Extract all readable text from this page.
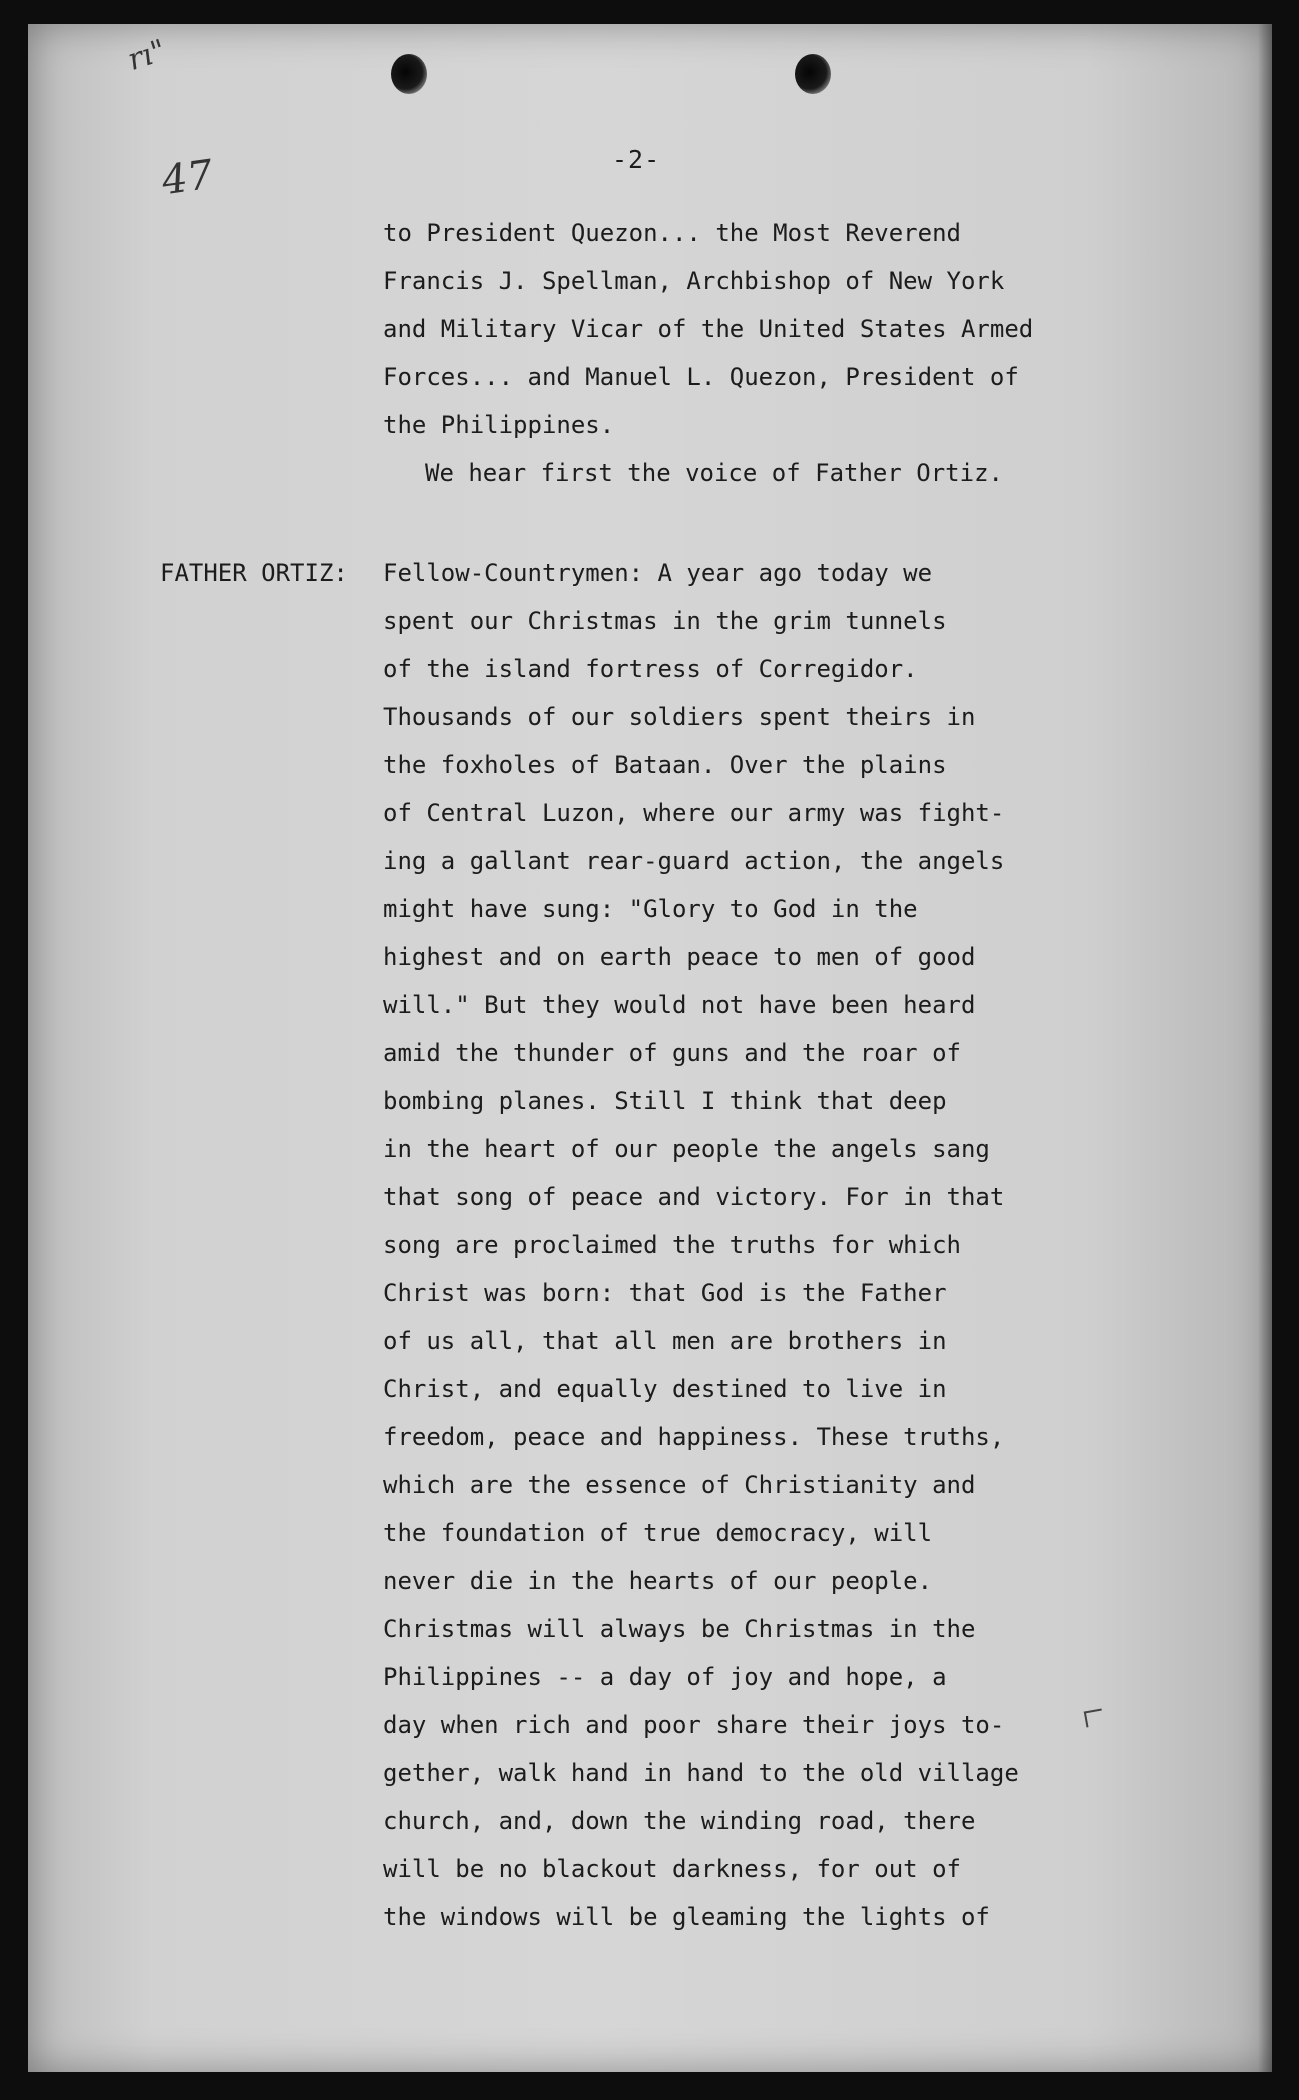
rı"
47	-2-
to President Quezon... the Most Reverend
Francis J. Spellman, Archbishop of New York
and Military Vicar of the United States Armed
Forces... and Manuel L. Quezon, President of
the Philippines.
We hear first the voice of Father Ortiz.
FATHER ORTIZ: Fellow-Countrymen: A year ago today we
spent our Christmas in the grim tunnels
of the island fortress of Corregidor.
Thousands of our soldiers spent theirs in
the foxholes of Bataan. Over the plains
of Central Luzon, where our army was fight-
ing a gallant rear-guard action, the angels
might have sung: "Glory to God in the
highest and on earth peace to men of good
will." But they would not have been heard
amid the thunder of guns and the roar of
bombing planes. Still I think that deep
in the heart of our people the angels sang
that song of peace and victory. For in that
song are proclaimed the truths for which
Christ was born: that God is the Father
of us all, that all men are brothers in
Christ, and equally destined to live in
freedom, peace and happiness. These truths,
which are the essence of Christianity and
the foundation of true democracy, will
never die in the hearts of our people.
Christmas will always be Christmas in the
Philippines -- a day of joy and hope, a
day when rich and poor share their joys to-
gether, walk hand in hand to the old village
church, and, down the winding road, there
will be no blackout darkness, for out of
the windows will be gleaming the lights of
